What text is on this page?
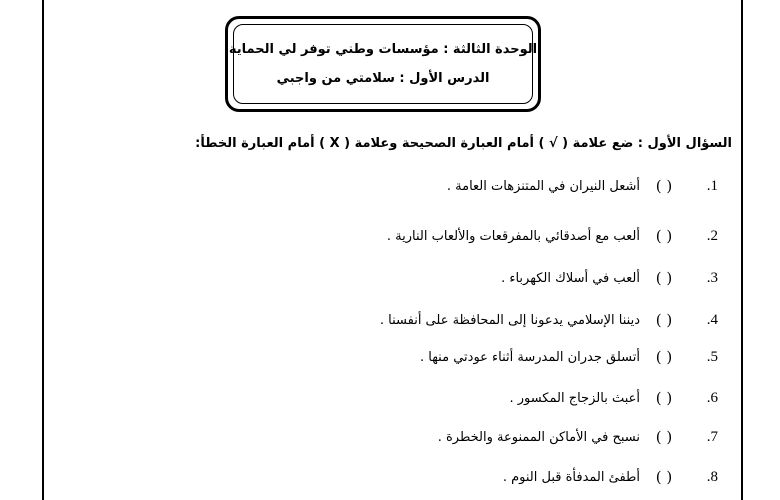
الوحدة الثالثة : مؤسسات وطني توفر لي الحماية
الدرس الأول : سلامتي من واجبي
السؤال الأول : ضع علامة ( √ ) أمام العبارة الصحيحة وعلامة ( X ) أمام العبارة الخطأ:
1.
( )
أشعل النيران في المتنزهات العامة .
2.
( )
ألعب مع أصدقائي بالمفرقعات والألعاب النارية .
3.
( )
ألعب في أسلاك الكهرباء .
4.
( )
ديننا الإسلامي يدعونا إلى المحافظة على أنفسنا .
5.
( )
أتسلق جدران المدرسة أثناء عودتي منها .
6.
( )
أعبث بالزجاج المكسور .
7.
( )
نسبح في الأماكن الممنوعة والخطرة .
8.
( )
أطفئ المدفأة قبل النوم .
